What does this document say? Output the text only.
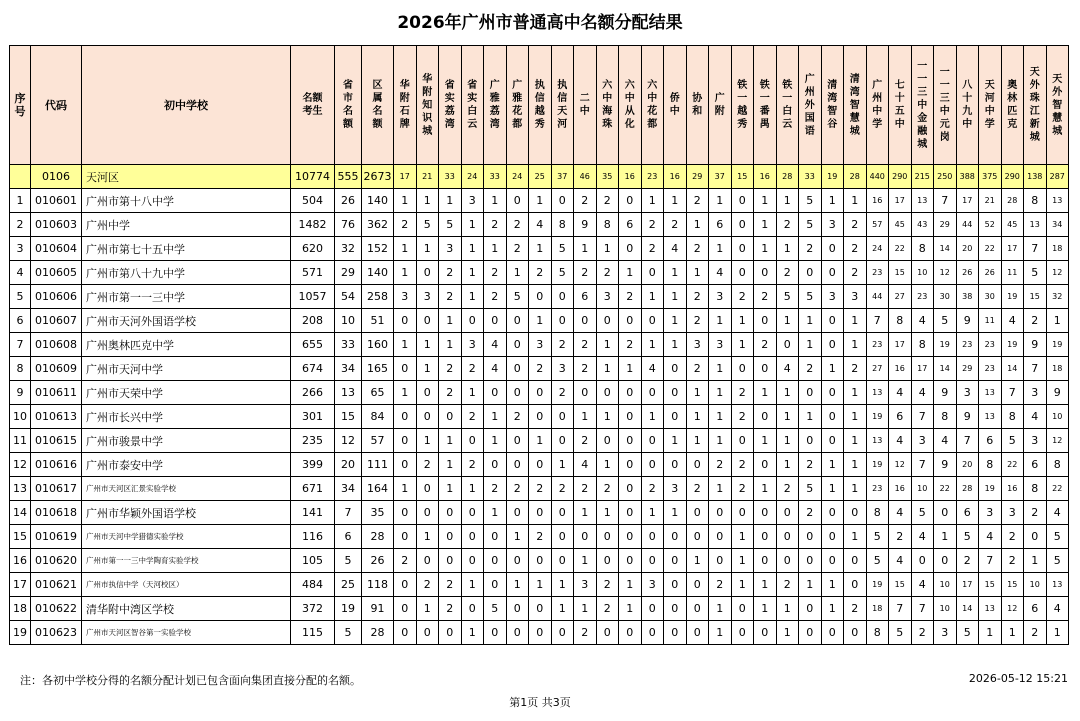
2026年广州市普通高中名额分配结果
序号	代码	初中学校	名额考生	省市名额	区属名额	华附石牌	华附知识城	省实荔湾	省实白云	广雅荔湾	广雅花都	执信越秀	执信天河	二中	六中海珠	六中从化	六中花都	侨中	协和	广附	铁一越秀	铁一番禺	铁一白云	广州外国语	清湾智谷	清湾智慧城	广州中学	七十五中	一一三中金融城	一一三中元岗	八十九中	天河中学	奥林匹克	天外珠江新城	天外智慧城
	0106	天河区	10774	555	2673	17	21	33	24	33	24	25	37	46	35	16	23	16	29	37	15	16	28	33	19	28	440	290	215	250	388	375	290	138	287
1	010601	广州市第十八中学	504	26	140	1	1	1	3	1	0	1	0	2	2	0	1	1	2	1	0	1	1	5	1	1	16	17	13	7	17	21	28	8	13
2	010603	广州中学	1482	76	362	2	5	5	1	2	2	4	8	9	8	6	2	2	1	6	0	1	2	5	3	2	57	45	43	29	44	52	45	13	34
3	010604	广州市第七十五中学	620	32	152	1	1	3	1	1	2	1	5	1	1	0	2	4	2	1	0	1	1	2	0	2	24	22	8	14	20	22	17	7	18
4	010605	广州市第八十九中学	571	29	140	1	0	2	1	2	1	2	5	2	2	1	0	1	1	4	0	0	2	0	0	2	23	15	10	12	26	26	11	5	12
5	010606	广州市第一一三中学	1057	54	258	3	3	2	1	2	5	0	0	6	3	2	1	1	2	3	2	2	5	5	3	3	44	27	23	30	38	30	19	15	32
6	010607	广州市天河外国语学校	208	10	51	0	0	1	0	0	0	1	0	0	0	0	0	1	2	1	1	0	1	1	0	1	7	8	4	5	9	11	4	2	1
7	010608	广州奥林匹克中学	655	33	160	1	1	1	3	4	0	3	2	2	1	2	1	1	3	3	1	2	0	1	0	1	23	17	8	19	23	23	19	9	19
8	010609	广州市天河中学	674	34	165	0	1	2	2	4	0	2	3	2	1	1	4	0	2	1	0	0	4	2	1	2	27	16	17	14	29	23	14	7	18
9	010611	广州市天荣中学	266	13	65	1	0	2	1	0	0	0	2	0	0	0	0	0	1	1	2	1	1	0	0	1	13	4	4	9	3	13	7	3	9
10	010613	广州市长兴中学	301	15	84	0	0	0	2	1	2	0	0	1	1	0	1	0	1	1	2	0	1	1	0	1	19	6	7	8	9	13	8	4	10
11	010615	广州市骏景中学	235	12	57	0	1	1	0	1	0	1	0	2	0	0	0	1	1	1	0	1	1	0	0	1	13	4	3	4	7	6	5	3	12
12	010616	广州市泰安中学	399	20	111	0	2	1	2	0	0	0	1	4	1	0	0	0	0	2	2	0	1	2	1	1	19	12	7	9	20	8	22	6	8
13	010617	广州市天河区汇景实验学校	671	34	164	1	0	1	1	2	2	2	2	2	2	0	2	3	2	1	2	1	2	5	1	1	23	16	10	22	28	19	16	8	22
14	010618	广州市华颖外国语学校	141	7	35	0	0	0	0	1	0	0	0	1	1	0	1	1	0	0	0	0	0	2	0	0	8	4	5	0	6	3	3	2	4
15	010619	广州市天河中学猎德实验学校	116	6	28	0	1	0	0	0	1	2	0	0	0	0	0	0	0	0	1	0	0	0	0	1	5	2	4	1	5	4	2	0	5
16	010620	广州市第一一三中学陶育实验学校	105	5	26	2	0	0	0	0	0	0	0	1	0	0	0	0	1	0	1	0	0	0	0	0	5	4	0	0	2	7	2	1	5
17	010621	广州市执信中学（天河校区）	484	25	118	0	2	2	1	0	1	1	1	3	2	1	3	0	0	2	1	1	2	1	1	0	19	15	4	10	17	15	15	10	13
18	010622	清华附中湾区学校	372	19	91	0	1	2	0	5	0	0	1	1	2	1	0	0	0	1	0	1	1	0	1	2	18	7	7	10	14	13	12	6	4
19	010623	广州市天河区智谷第一实验学校	115	5	28	0	0	0	1	0	0	0	0	2	0	0	0	0	0	1	0	0	1	0	0	0	8	5	2	3	5	1	1	2	1
注：各初中学校分得的名额分配计划已包含面向集团直接分配的名额。	2026-05-12 15:21
第1页 共3页
